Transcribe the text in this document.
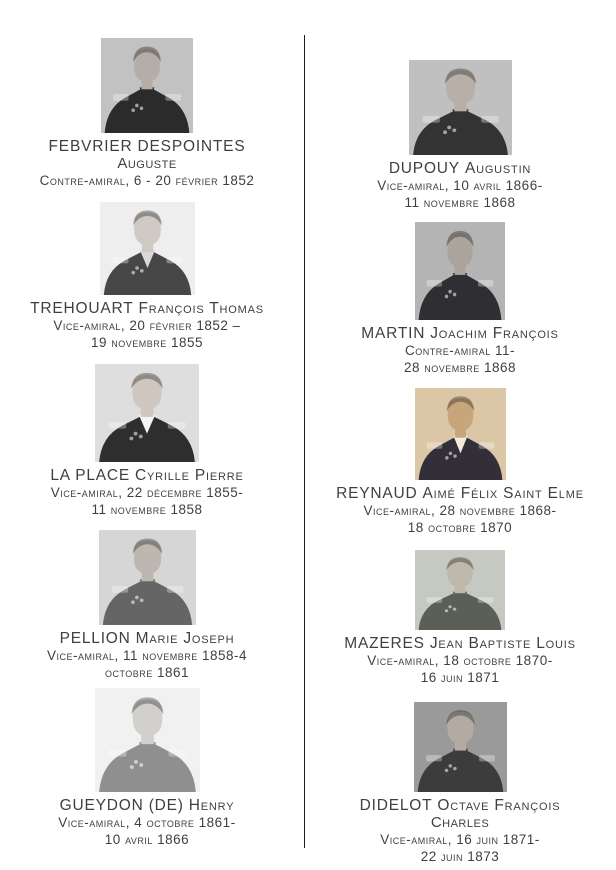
FEBVRIER DESPOINTES
Auguste
Contre-amiral, 6 - 20 février 1852
TREHOUART François Thomas
Vice-amiral, 20 février 1852 –
19 novembre 1855
LA PLACE Cyrille Pierre
Vice-amiral, 22 décembre 1855-
11 novembre 1858
PELLION Marie Joseph
Vice-amiral, 11 novembre 1858-4
octobre 1861
GUEYDON (DE) Henry
Vice-amiral, 4 octobre 1861-
10 avril 1866
DUPOUY Augustin
Vice-amiral, 10 avril 1866-
11 novembre 1868
MARTIN Joachim François
Contre-amiral 11-
28 novembre 1868
REYNAUD Aimé Félix Saint Elme
Vice-amiral, 28 novembre 1868-
18 octobre 1870
MAZERES Jean Baptiste Louis
Vice-amiral, 18 octobre 1870-
16 juin 1871
DIDELOT Octave François
Charles
Vice-amiral, 16 juin 1871-
22 juin 1873
